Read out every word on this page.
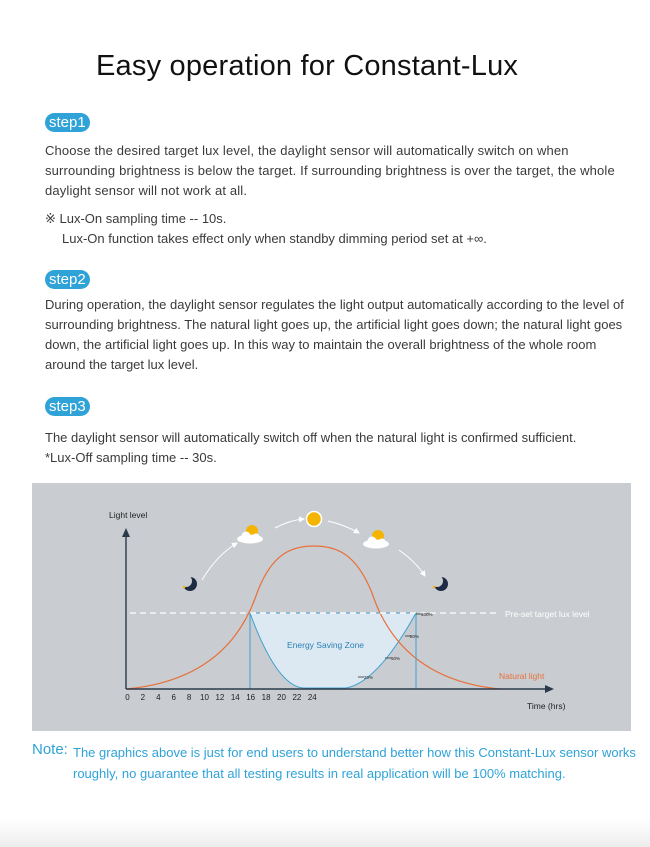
Easy operation for Constant-Lux
step1

Choose the desired target lux level, the daylight sensor will automatically switch on when surrounding brightness is below the target. If surrounding brightness is over the target, the whole daylight sensor will not work at all.

※ Lux-On sampling time -- 10s.
Lux-On function takes effect only when standby dimming period set at +∞.
step2

During operation, the daylight sensor regulates the light output automatically according to the level of surrounding brightness. The natural light goes up, the artificial light goes down; the natural light goes down, the artificial light goes up. In this way to maintain the overall brightness of the whole room around the target lux level.

step3
The daylight sensor will automatically switch off when the natural light is confirmed sufficient.
*Lux-Off sampling time -- 30s.
Light level
Time (hrs)
Pre-set target lux level
Energy Saving Zone
Natural light
100%
80%
50%
20%
0 2 4 6 8 10 12 14 16 18 20 22 24
Note: The graphics above is just for end users to understand better how this Constant-Lux sensor works roughly, no guarantee that all testing results in real application will be 100% matching.
